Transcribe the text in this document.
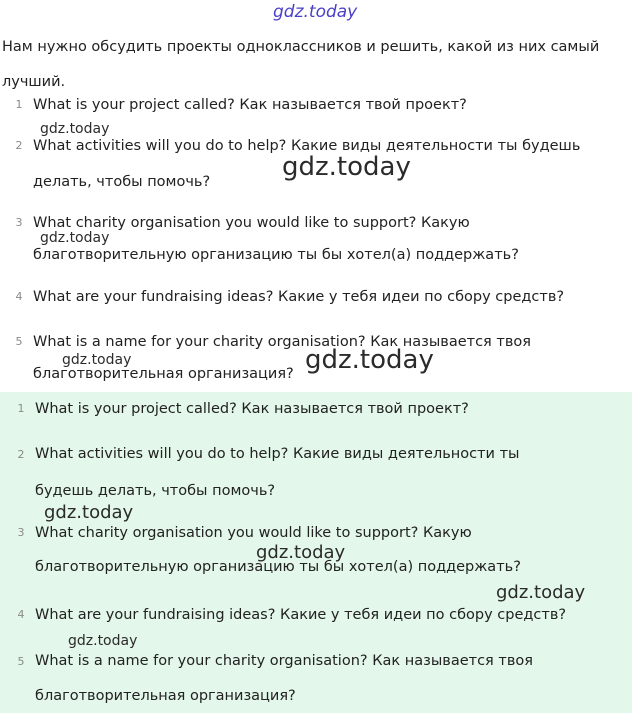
gdz.today
Нам нужно обсудить проекты одноклассников и решить, какой из них самый лучший.
1 What is your project called? Как называется твой проект?
2 What activities will you do to help? Какие виды деятельности ты будешь делать, чтобы помочь?
3 What charity organisation you would like to support? Какую благотворительную организацию ты бы хотел(а) поддержать?
4 What are your fundraising ideas? Какие у тебя идеи по сбору средств?
5 What is a name for your charity organisation? Как называется твоя благотворительная организация?
1 What is your project called? Как называется твой проект?
2 What activities will you do to help? Какие виды деятельности ты будешь делать, чтобы помочь?
3 What charity organisation you would like to support? Какую благотворительную организацию ты бы хотел(а) поддержать?
4 What are your fundraising ideas? Какие у тебя идеи по сбору средств?
5 What is a name for your charity organisation? Как называется твоя благотворительная организация?
gdz.today
gdz.today
gdz.today
gdz.today	gdz.today
gdz.today
gdz.today
gdz.today
gdz.today
